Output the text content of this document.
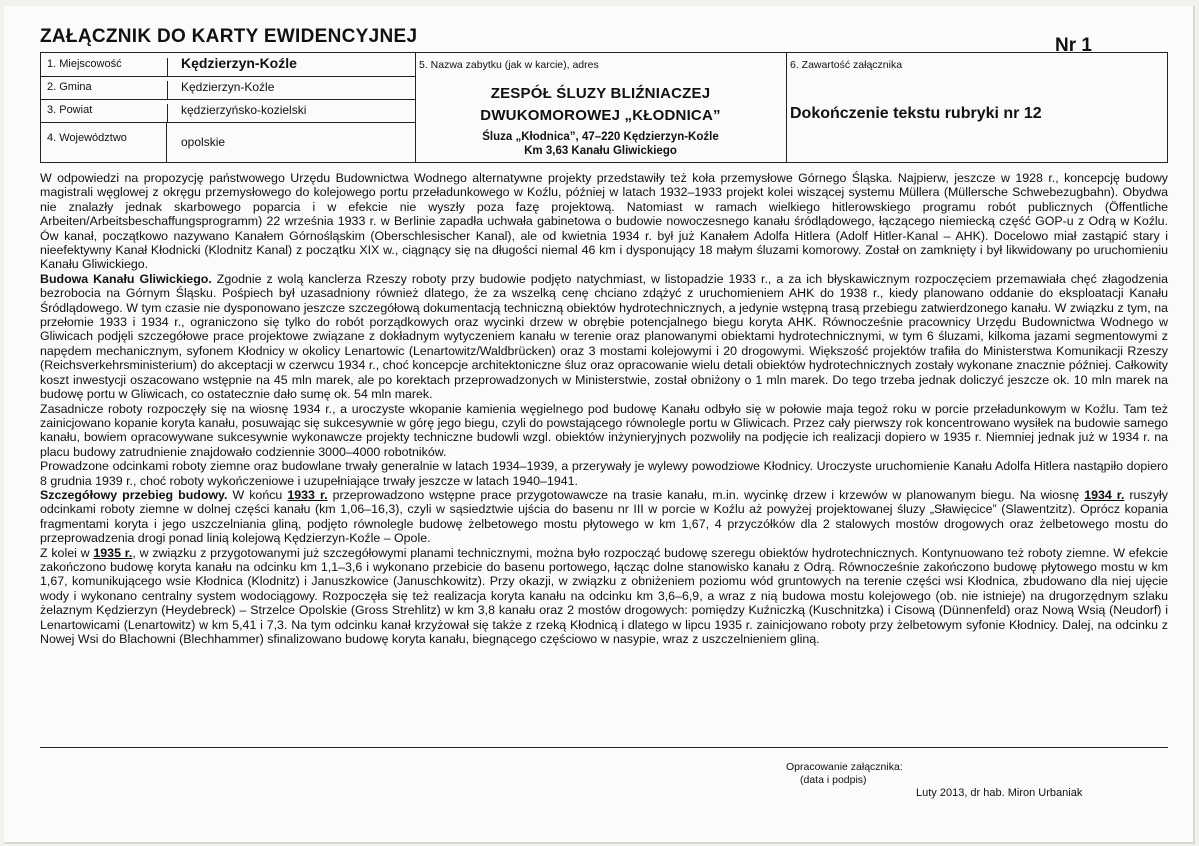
ZAŁĄCZNIK DO KARTY EWIDENCYJNEJ	Nr 1
1. Miejscowość	Kędzierzyn-Koźle
2. Gmina	Kędzierzyn-Koźle
3. Powiat	kędzierzyńsko-kozielski
4. Województwo	opolskie
5. Nazwa zabytku (jak w karcie), adres
ZESPÓŁ ŚLUZY BLIŹNIACZEJ
DWUKOMOROWEJ „KŁODNICA”
Śluza „Kłodnica”, 47–220 Kędzierzyn-Koźle
Km 3,63 Kanału Gliwickiego
6. Zawartość załącznika
Dokończenie tekstu rubryki nr 12

W odpowiedzi na propozycję państwowego Urzędu Budownictwa Wodnego alternatywne projekty przedstawiły też koła przemysłowe Górnego Śląska. Najpierw, jeszcze w 1928 r., koncepcję budowy magistrali węglowej z okręgu przemysłowego do kolejowego portu przeładunkowego w Koźlu, później w latach 1932–1933 projekt kolei wiszącej systemu Müllera (Müllersche Schwebezugbahn). Obydwa nie znalazły jednak skarbowego poparcia i w efekcie nie wyszły poza fazę projektową. Natomiast w ramach wielkiego hitlerowskiego programu robót publicznych (Öffentliche Arbeiten/Arbeitsbeschaffungsprogramm) 22 września 1933 r. w Berlinie zapadła uchwała gabinetowa o budowie nowoczesnego kanału śródlądowego, łączącego niemiecką część GOP-u z Odrą w Koźlu. Ów kanał, początkowo nazywano Kanałem Górnośląskim (Oberschlesischer Kanal), ale od kwietnia 1934 r. był już Kanałem Adolfa Hitlera (Adolf Hitler-Kanal – AHK). Docelowo miał zastąpić stary i nieefektywny Kanał Kłodnicki (Klodnitz Kanal) z początku XIX w., ciągnący się na długości niemal 46 km i dysponujący 18 małym śluzami komorowy. Został on zamknięty i był likwidowany po uruchomieniu Kanału Gliwickiego.

Budowa Kanału Gliwickiego. Zgodnie z wolą kanclerza Rzeszy roboty przy budowie podjęto natychmiast, w listopadzie 1933 r., a za ich błyskawicznym rozpoczęciem przemawiała chęć złagodzenia bezrobocia na Górnym Śląsku. Pośpiech był uzasadniony również dlatego, że za wszelką cenę chciano zdążyć z uruchomieniem AHK do 1938 r., kiedy planowano oddanie do eksploatacji Kanału Śródlądowego. W tym czasie nie dysponowano jeszcze szczegółową dokumentacją techniczną obiektów hydrotechnicznych, a jedynie wstępną trasą przebiegu zatwierdzonego kanału. W związku z tym, na przełomie 1933 i 1934 r., ograniczono się tylko do robót porządkowych oraz wycinki drzew w obrębie potencjalnego biegu koryta AHK. Równocześnie pracownicy Urzędu Budownictwa Wodnego w Gliwicach podjęli szczegółowe prace projektowe związane z dokładnym wytyczeniem kanału w terenie oraz planowanymi obiektami hydrotechnicznymi, w tym 6 śluzami, kilkoma jazami segmentowymi z napędem mechanicznym, syfonem Kłodnicy w okolicy Lenartowic (Lenartowitz/Waldbrücken) oraz 3 mostami kolejowymi i 20 drogowymi. Większość projektów trafiła do Ministerstwa Komunikacji Rzeszy (Reichsverkehrsministerium) do akceptacji w czerwcu 1934 r., choć koncepcje architektoniczne śluz oraz opracowanie wielu detali obiektów hydrotechnicznych zostały wykonane znacznie później. Całkowity koszt inwestycji oszacowano wstępnie na 45 mln marek, ale po korektach przeprowadzonych w Ministerstwie, został obniżony o 1 mln marek. Do tego trzeba jednak doliczyć jeszcze ok. 10 mln marek na budowę portu w Gliwicach, co ostatecznie dało sumę ok. 54 mln marek.

Zasadnicze roboty rozpoczęły się na wiosnę 1934 r., a uroczyste wkopanie kamienia węgielnego pod budowę Kanału odbyło się w połowie maja tegoż roku w porcie przeładunkowym w Koźlu. Tam też zainicjowano kopanie koryta kanału, posuwając się sukcesywnie w górę jego biegu, czyli do powstającego równolegle portu w Gliwicach. Przez cały pierwszy rok koncentrowano wysiłek na budowie samego kanału, bowiem opracowywane sukcesywnie wykonawcze projekty techniczne budowli wzgl. obiektów inżynieryjnych pozwoliły na podjęcie ich realizacji dopiero w 1935 r. Niemniej jednak już w 1934 r. na placu budowy zatrudnienie znajdowało codziennie 3000–4000 robotników.

Prowadzone odcinkami roboty ziemne oraz budowlane trwały generalnie w latach 1934–1939, a przerywały je wylewy powodziowe Kłodnicy. Uroczyste uruchomienie Kanału Adolfa Hitlera nastąpiło dopiero 8 grudnia 1939 r., choć roboty wykończeniowe i uzupełniające trwały jeszcze w latach 1940–1941.

Szczegółowy przebieg budowy. W końcu 1933 r. przeprowadzono wstępne prace przygotowawcze na trasie kanału, m.in. wycinkę drzew i krzewów w planowanym biegu. Na wiosnę 1934 r. ruszyły odcinkami roboty ziemne w dolnej części kanału (km 1,06–16,3), czyli w sąsiedztwie ujścia do basenu nr III w porcie w Koźlu aż powyżej projektowanej śluzy „Sławięcice” (Slawentzitz). Oprócz kopania fragmentami koryta i jego uszczelniania gliną, podjęto równolegle budowę żelbetowego mostu płytowego w km 1,67, 4 przyczółków dla 2 stalowych mostów drogowych oraz żelbetowego mostu do przeprowadzenia drogi ponad linią kolejową Kędzierzyn-Koźle – Opole.

Z kolei w 1935 r., w związku z przygotowanymi już szczegółowymi planami technicznymi, można było rozpocząć budowę szeregu obiektów hydrotechnicznych. Kontynuowano też roboty ziemne. W efekcie zakończono budowę koryta kanału na odcinku km 1,1–3,6 i wykonano przebicie do basenu portowego, łącząc dolne stanowisko kanału z Odrą. Równocześnie zakończono budowę płytowego mostu w km 1,67, komunikującego wsie Kłodnica (Klodnitz) i Januszkowice (Januschkowitz). Przy okazji, w związku z obniżeniem poziomu wód gruntowych na terenie części wsi Kłodnica, zbudowano dla niej ujęcie wody i wykonano centralny system wodociągowy. Rozpoczęła się też realizacja koryta kanału na odcinku km 3,6–6,9, a wraz z nią budowa mostu kolejowego (ob. nie istnieje) na drugorzędnym szlaku żelaznym Kędzierzyn (Heydebreck) – Strzelce Opolskie (Gross Strehlitz) w km 3,8 kanału oraz 2 mostów drogowych: pomiędzy Kuźniczką (Kuschnitzka) i Cisową (Dünnenfeld) oraz Nową Wsią (Neudorf) i Lenartowicami (Lenartowitz) w km 5,41 i 7,3. Na tym odcinku kanał krzyżował się także z rzeką Kłodnicą i dlatego w lipcu 1935 r. zainicjowano roboty przy żelbetowym syfonie Kłodnicy. Dalej, na odcinku z Nowej Wsi do Blachowni (Blechhammer) sfinalizowano budowę koryta kanału, biegnącego częściowo w nasypie, wraz z uszczelnieniem gliną.

Opracowanie załącznika:
(data i podpis)
Luty 2013, dr hab. Miron Urbaniak
